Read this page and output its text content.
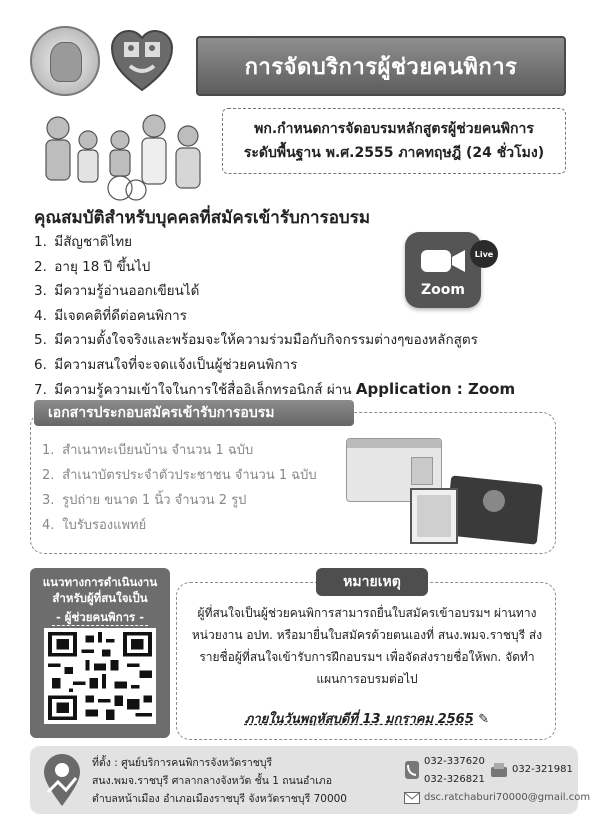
การจัดบริการผู้ช่วยคนพิการ
พก.กำหนดการจัดอบรมหลักสูตรผู้ช่วยคนพิการ
ระดับพื้นฐาน พ.ศ.2555 ภาคทฤษฎี (24 ชั่วโมง)
คุณสมบัติสำหรับบุคคลที่สมัครเข้ารับการอบรม
1. มีสัญชาติไทย
2. อายุ 18 ปี ขึ้นไป
3. มีความรู้อ่านออกเขียนได้
4. มีเจตคติที่ดีต่อคนพิการ
5. มีความตั้งใจจริงและพร้อมจะให้ความร่วมมือกับกิจกรรมต่างๆของหลักสูตร
6. มีความสนใจที่จะจดแจ้งเป็นผู้ช่วยคนพิการ
7. มีความรู้ความเข้าใจในการใช้สื่ออิเล็กทรอนิกส์ ผ่าน Application : Zoom
Live
Zoom
เอกสารประกอบสมัครเข้ารับการอบรม
1. สำเนาทะเบียนบ้าน จำนวน 1 ฉบับ
2. สำเนาบัตรประจำตัวประชาชน จำนวน 1 ฉบับ
3. รูปถ่าย ขนาด 1 นิ้ว จำนวน 2 รูป
4. ใบรับรองแพทย์
แนวทางการดำเนินงาน
สำหรับผู้ที่สนใจเป็น
- ผู้ช่วยคนพิการ -
หมายเหตุ
ผู้ที่สนใจเป็นผู้ช่วยคนพิการสามารถยื่นใบสมัครเข้าอบรมฯ ผ่านทาง หน่วยงาน อปท. หรือมายื่นใบสมัครด้วยตนเองที่ สนง.พมจ.ราชบุรี ส่งรายชื่อผู้ที่สนใจเข้ารับการฝึกอบรมฯ เพื่อจัดส่งรายชื่อให้พก. จัดทำแผนการอบรมต่อไป
ภายในวันพฤหัสบดีที่ 13 มกราคม 2565 ✎
ที่ตั้ง : ศูนย์บริการคนพิการจังหวัดราชบุรี
สนง.พมจ.ราชบุรี ศาลากลางจังหวัด ชั้น 1 ถนนอำเภอ
ตำบลหน้าเมือง อำเภอเมืองราชบุรี จังหวัดราชบุรี 70000
032-337620
032-326821
032-321981
dsc.ratchaburi70000@gmail.com
